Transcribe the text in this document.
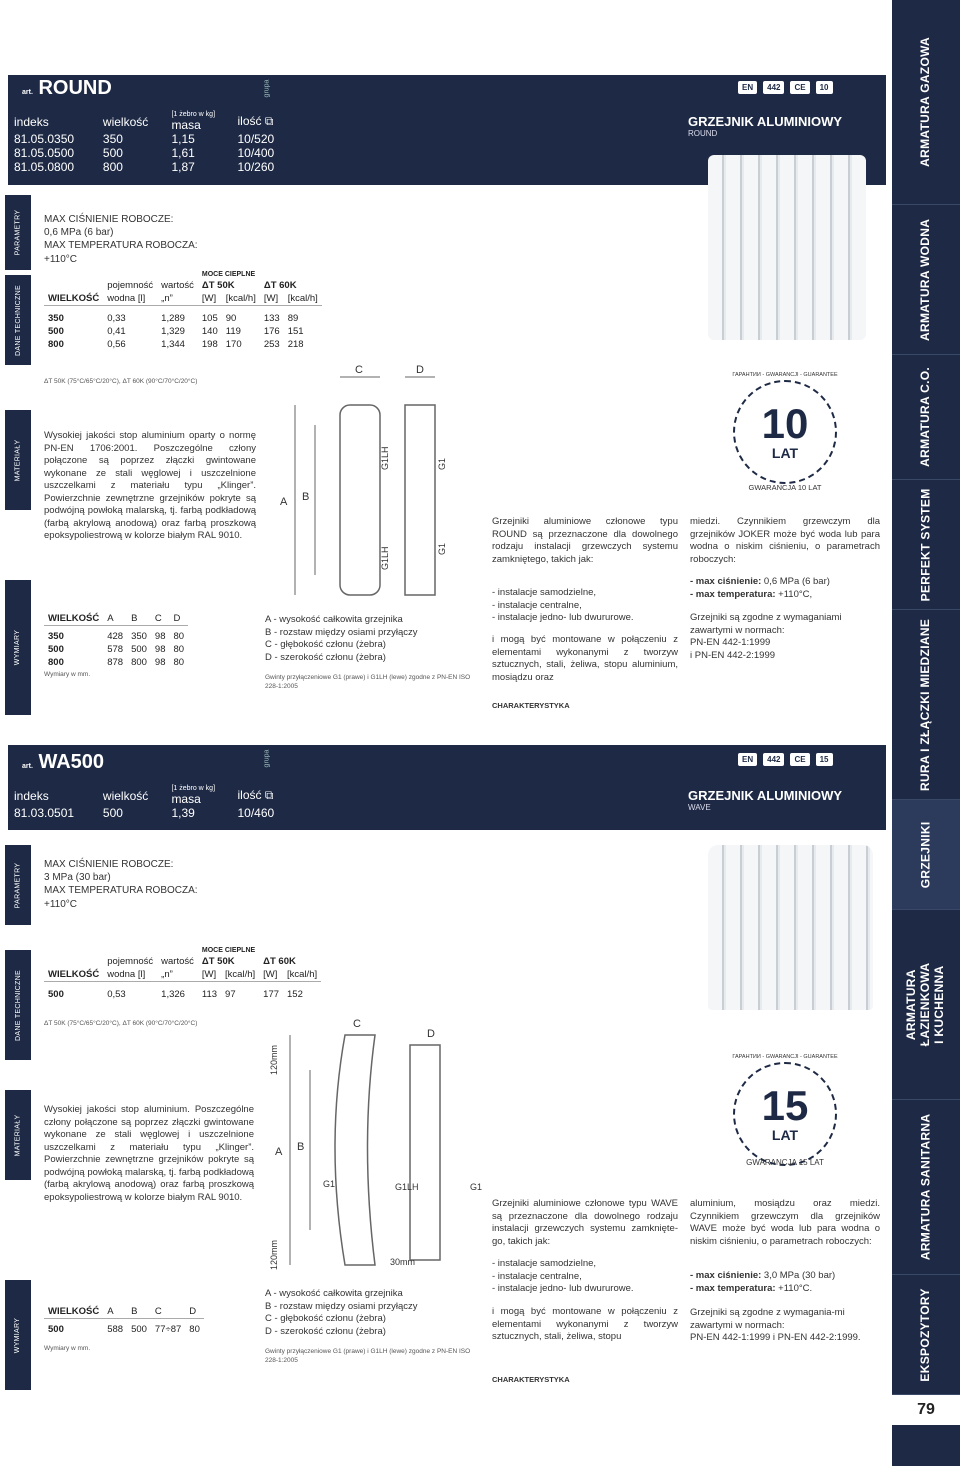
ARMATURA GAZOWA
ARMATURA WODNA
ARMATURA C.O.
PERFEKT SYSTEM
RURA I ZŁĄCZKI MIEDZIANE
GRZEJNIKI
ARMATURA ŁAZIENKOWA I KUCHENNA
ARMATURA SANITARNA
EKSPOZYTORY
79
art. ROUND
indeks	wielkość	[1 żebro w kg]
masa	ilość ⧉
81.05.0350	350	1,15	10/520
81.05.0500	500	1,61	10/400
81.05.0800	800	1,87	10/260
grupa	EN	442	CE	10
GRZEJNIK ALUMINIOWY
ROUND
PARAMETRY
DANE TECHNICZNE
MATERIAŁY
WYMIARY
MAX CIŚNIENIE ROBOCZE:
0,6 MPa (6 bar)
MAX TEMPERATURA ROBOCZA:
+110°C
			MOCE CIEPLNE			
	pojemność	wartość	ΔT 50K		ΔT 60K	
WIELKOŚĆ	wodna [l]	„n”	[W]	[kcal/h]	[W]	[kcal/h]

350	0,33	1,289	105	90	133	89
500	0,41	1,329	140	119	176	151
800	0,56	1,344	198	170	253	218
ΔT 50K (75°C/65°C/20°C), ΔT 60K (90°C/70°C/20°C)
Wysokiej jakości stop aluminium oparty o normę PN-EN 1706:2001. Poszczególne człony połączone są poprzez złączki gwintowane wykonane ze stali węglowej i uszczelnione uszczelkami z materiału typu „Klinger”. Powierzchnie zewnętrzne grzejników pokryte są podwójną powłoką malarską, tj. farbą podkładową (farbą akrylową anodową) oraz farbą proszkową epoksypoliestrową w kolorze białym RAL 9010.
WIELKOŚĆ	A	B	C	D

350	428	350	98	80
500	578	500	98	80
800	878	800	98	80
Wymiary w mm.
C	D
A B
G1LH	G1
G1LH	G1
A - wysokość całkowita grzejnika
B - rozstaw między osiami przyłączy
C - głębokość członu (żebra)
D - szerokość członu (żebra)
Gwinty przyłączeniowe G1 (prawe) i G1LH (lewe) zgodne z PN-EN ISO 228-1:2005
Grzejniki aluminiowe członowe typu ROUND są przeznaczone dla dowolnego rodzaju instalacji grzewczych systemu zamkniętego, takich jak:
- instalacje samodzielne,
- instalacje centralne,
- instalacje jedno- lub dwururowe.
i mogą być montowane w połączeniu z elementami wykonanymi z tworzyw sztucznych, stali, żeliwa, stopu aluminium, mosiądzu oraz
CHARAKTERYSTYKA
miedzi. Czynnikiem grzewczym dla grzejników JOKER może być woda lub para wodna o niskim ciśnieniu, o parametrach roboczych:
- max ciśnienie: 0,6 MPa (6 bar)
- max temperatura: +110°C,
Grzejniki są zgodne z wymaganiami zawartymi w normach:
PN-EN 442-1:1999
i PN-EN 442-2:1999
10
LAT
ГАРАНТИИ - GWARANCJI - GUARANTEE
GWARANCJA 10 LAT
art. WA500
indeks	wielkość	[1 żebro w kg]
masa	ilość ⧉
81.03.0501	500	1,39	10/460
grupa	EN	442	CE	15
GRZEJNIK ALUMINIOWY
WAVE
PARAMETRY
DANE TECHNICZNE
MATERIAŁY
WYMIARY
MAX CIŚNIENIE ROBOCZE:
3 MPa (30 bar)
MAX TEMPERATURA ROBOCZA:
+110°C
			MOCE CIEPLNE			
	pojemność	wartość	ΔT 50K		ΔT 60K	
WIELKOŚĆ	wodna [l]	„n”	[W]	[kcal/h]	[W]	[kcal/h]

500	0,53	1,326	113	97	177	152
ΔT 50K (75°C/65°C/20°C), ΔT 60K (90°C/70°C/20°C)
Wysokiej jakości stop aluminium. Poszczególne człony połączone są poprzez złączki gwintowane wykonane ze stali węglowej i uszczelnione uszczelkami z materiału typu „Klinger”. Powierzchnie zewnętrzne grzejników pokryte są podwójną powłoką malarską, tj. farbą podkładową (farbą akrylową anodową) oraz farbą proszkową epoksypoliestrową w kolorze białym RAL 9010.
WIELKOŚĆ	A	B	C	D

500	588	500	77÷87	80
Wymiary w mm.
120mm
C
D
A B
G1	G1LH	G1
120mm	30mm
A - wysokość całkowita grzejnika
B - rozstaw między osiami przyłączy
C - głębokość członu (żebra)
D - szerokość członu (żebra)
Gwinty przyłączeniowe G1 (prawe) i G1LH (lewe) zgodne z PN-EN ISO 228-1:2005
Grzejniki aluminiowe członowe typu WAVE są przeznaczone dla dowolnego rodzaju instalacji grzewczych systemu zamknięte-go, takich jak:
- instalacje samodzielne,
- instalacje centralne,
- instalacje jedno- lub dwururowe.
i mogą być montowane w połączeniu z elementami wykonanymi z tworzyw sztucznych, stali, żeliwa, stopu
CHARAKTERYSTYKA
aluminium, mosiądzu oraz miedzi. Czynnikiem grzewczym dla grzejników WAVE może być woda lub para wodna o niskim ciśnieniu, o parametrach roboczych:
- max ciśnienie: 3,0 MPa (30 bar)
- max temperatura: +110°C.
Grzejniki są zgodne z wymagania-mi zawartymi w normach:
PN-EN 442-1:1999 i PN-EN 442-2:1999.
15
LAT
ГАРАНТИИ - GWARANCJI - GUARANTEE
GWARANCJA 15 LAT
